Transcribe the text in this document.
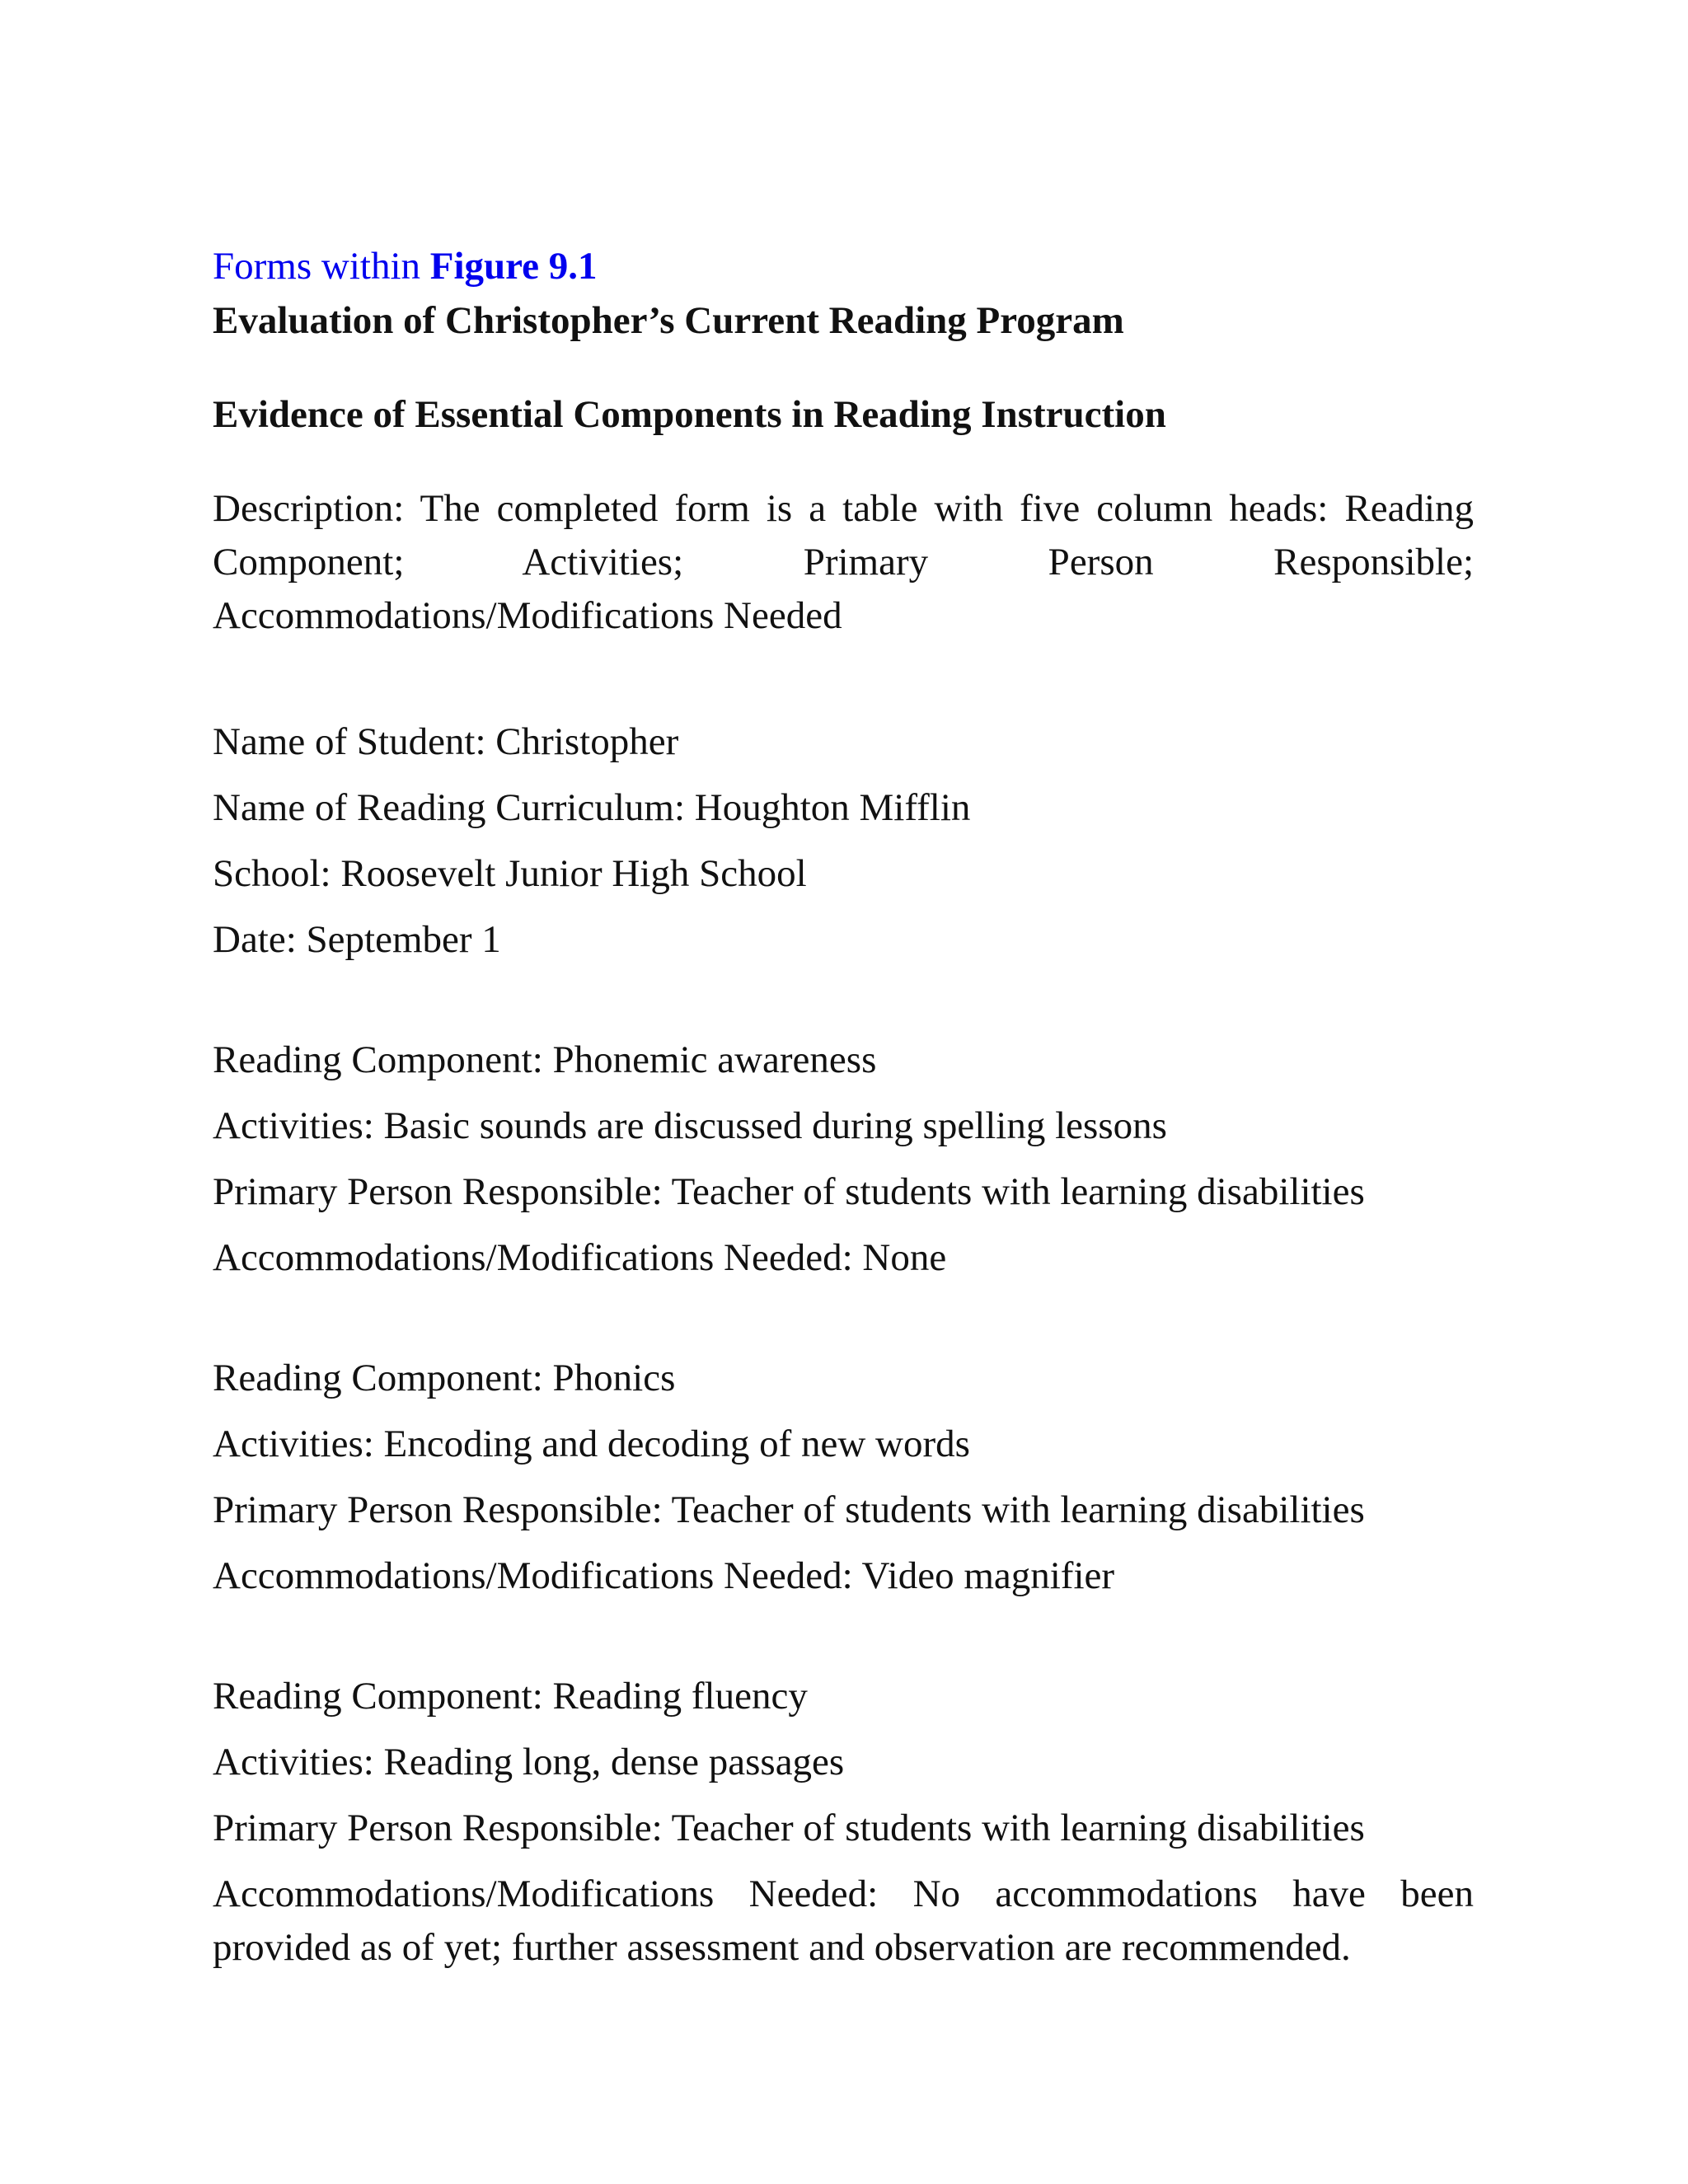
Forms within Figure 9.1

Evaluation of Christopher’s Current Reading Program

Evidence of Essential Components in Reading Instruction

Description: The completed form is a table with five column heads: Reading Component; Activities; Primary Person Responsible; Accommodations/Modifications Needed

Name of Student: Christopher

Name of Reading Curriculum: Houghton Mifflin

School: Roosevelt Junior High School

Date: September 1

Reading Component: Phonemic awareness

Activities: Basic sounds are discussed during spelling lessons

Primary Person Responsible: Teacher of students with learning disabilities

Accommodations/Modifications Needed: None

Reading Component: Phonics

Activities: Encoding and decoding of new words

Primary Person Responsible: Teacher of students with learning disabilities

Accommodations/Modifications Needed: Video magnifier

Reading Component: Reading fluency

Activities: Reading long, dense passages

Primary Person Responsible: Teacher of students with learning disabilities

Accommodations/Modifications Needed: No accommodations have been provided as of yet; further assessment and observation are recommended.
